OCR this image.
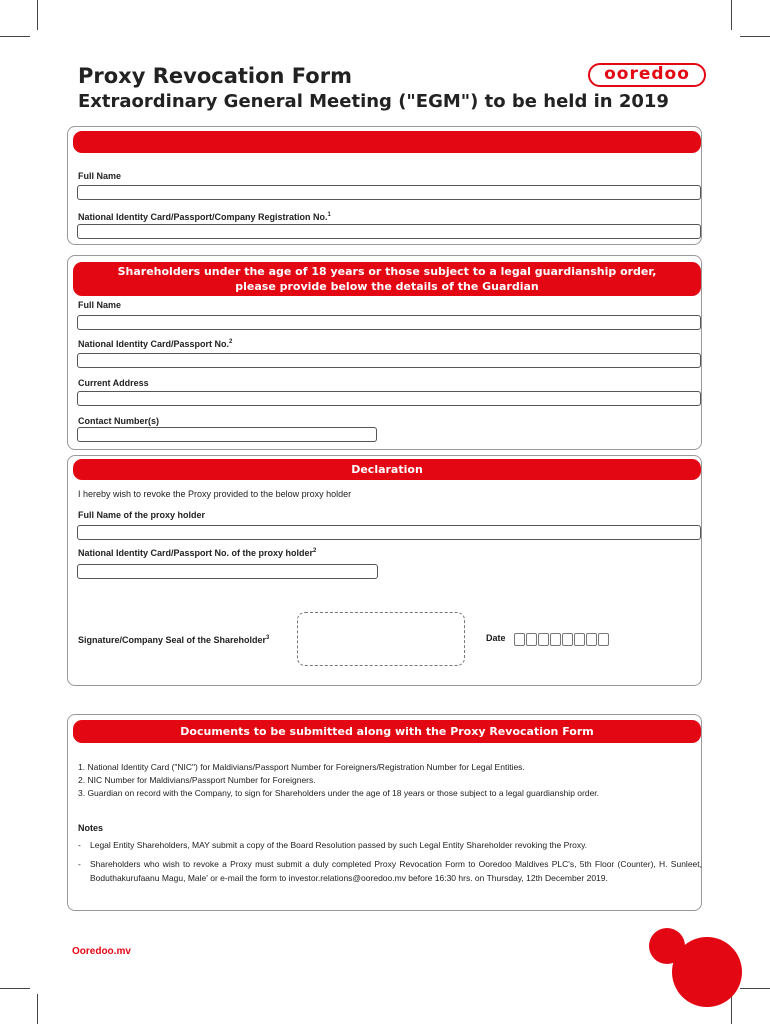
Proxy Revocation Form
Extraordinary General Meeting ("EGM") to be held in 2019
ooredoo
Full Name
National Identity Card/Passport/Company Registration No.$^1$
Shareholders under the age of 18 years or those subject to a legal guardianship order,
please provide below the details of the Guardian
Full Name
National Identity Card/Passport No.$^2$
Current Address
Contact Number(s)
Declaration
I hereby wish to revoke the Proxy provided to the below proxy holder
Full Name of the proxy holder
National Identity Card/Passport No. of the proxy holder$^2$
Signature/Company Seal of the Shareholder$^3$	Date
Documents to be submitted along with the Proxy Revocation Form
1. National Identity Card ("NIC") for Maldivians/Passport Number for Foreigners/Registration Number for Legal Entities.
2. NIC Number for Maldivians/Passport Number for Foreigners.
3. Guardian on record with the Company, to sign for Shareholders under the age of 18 years or those subject to a legal guardianship order.
Notes
- Legal Entity Shareholders, MAY submit a copy of the Board Resolution passed by such Legal Entity Shareholder revoking the Proxy.
- Shareholders who wish to revoke a Proxy must submit a duly completed Proxy Revocation Form to Ooredoo Maldives PLC's, 5th Floor (Counter), H. Sunleet, Boduthakurufaanu Magu, Male' or e-mail the form to investor.relations@ooredoo.mv before 16:30 hrs. on Thursday, 12th December 2019.
Ooredoo.mv
